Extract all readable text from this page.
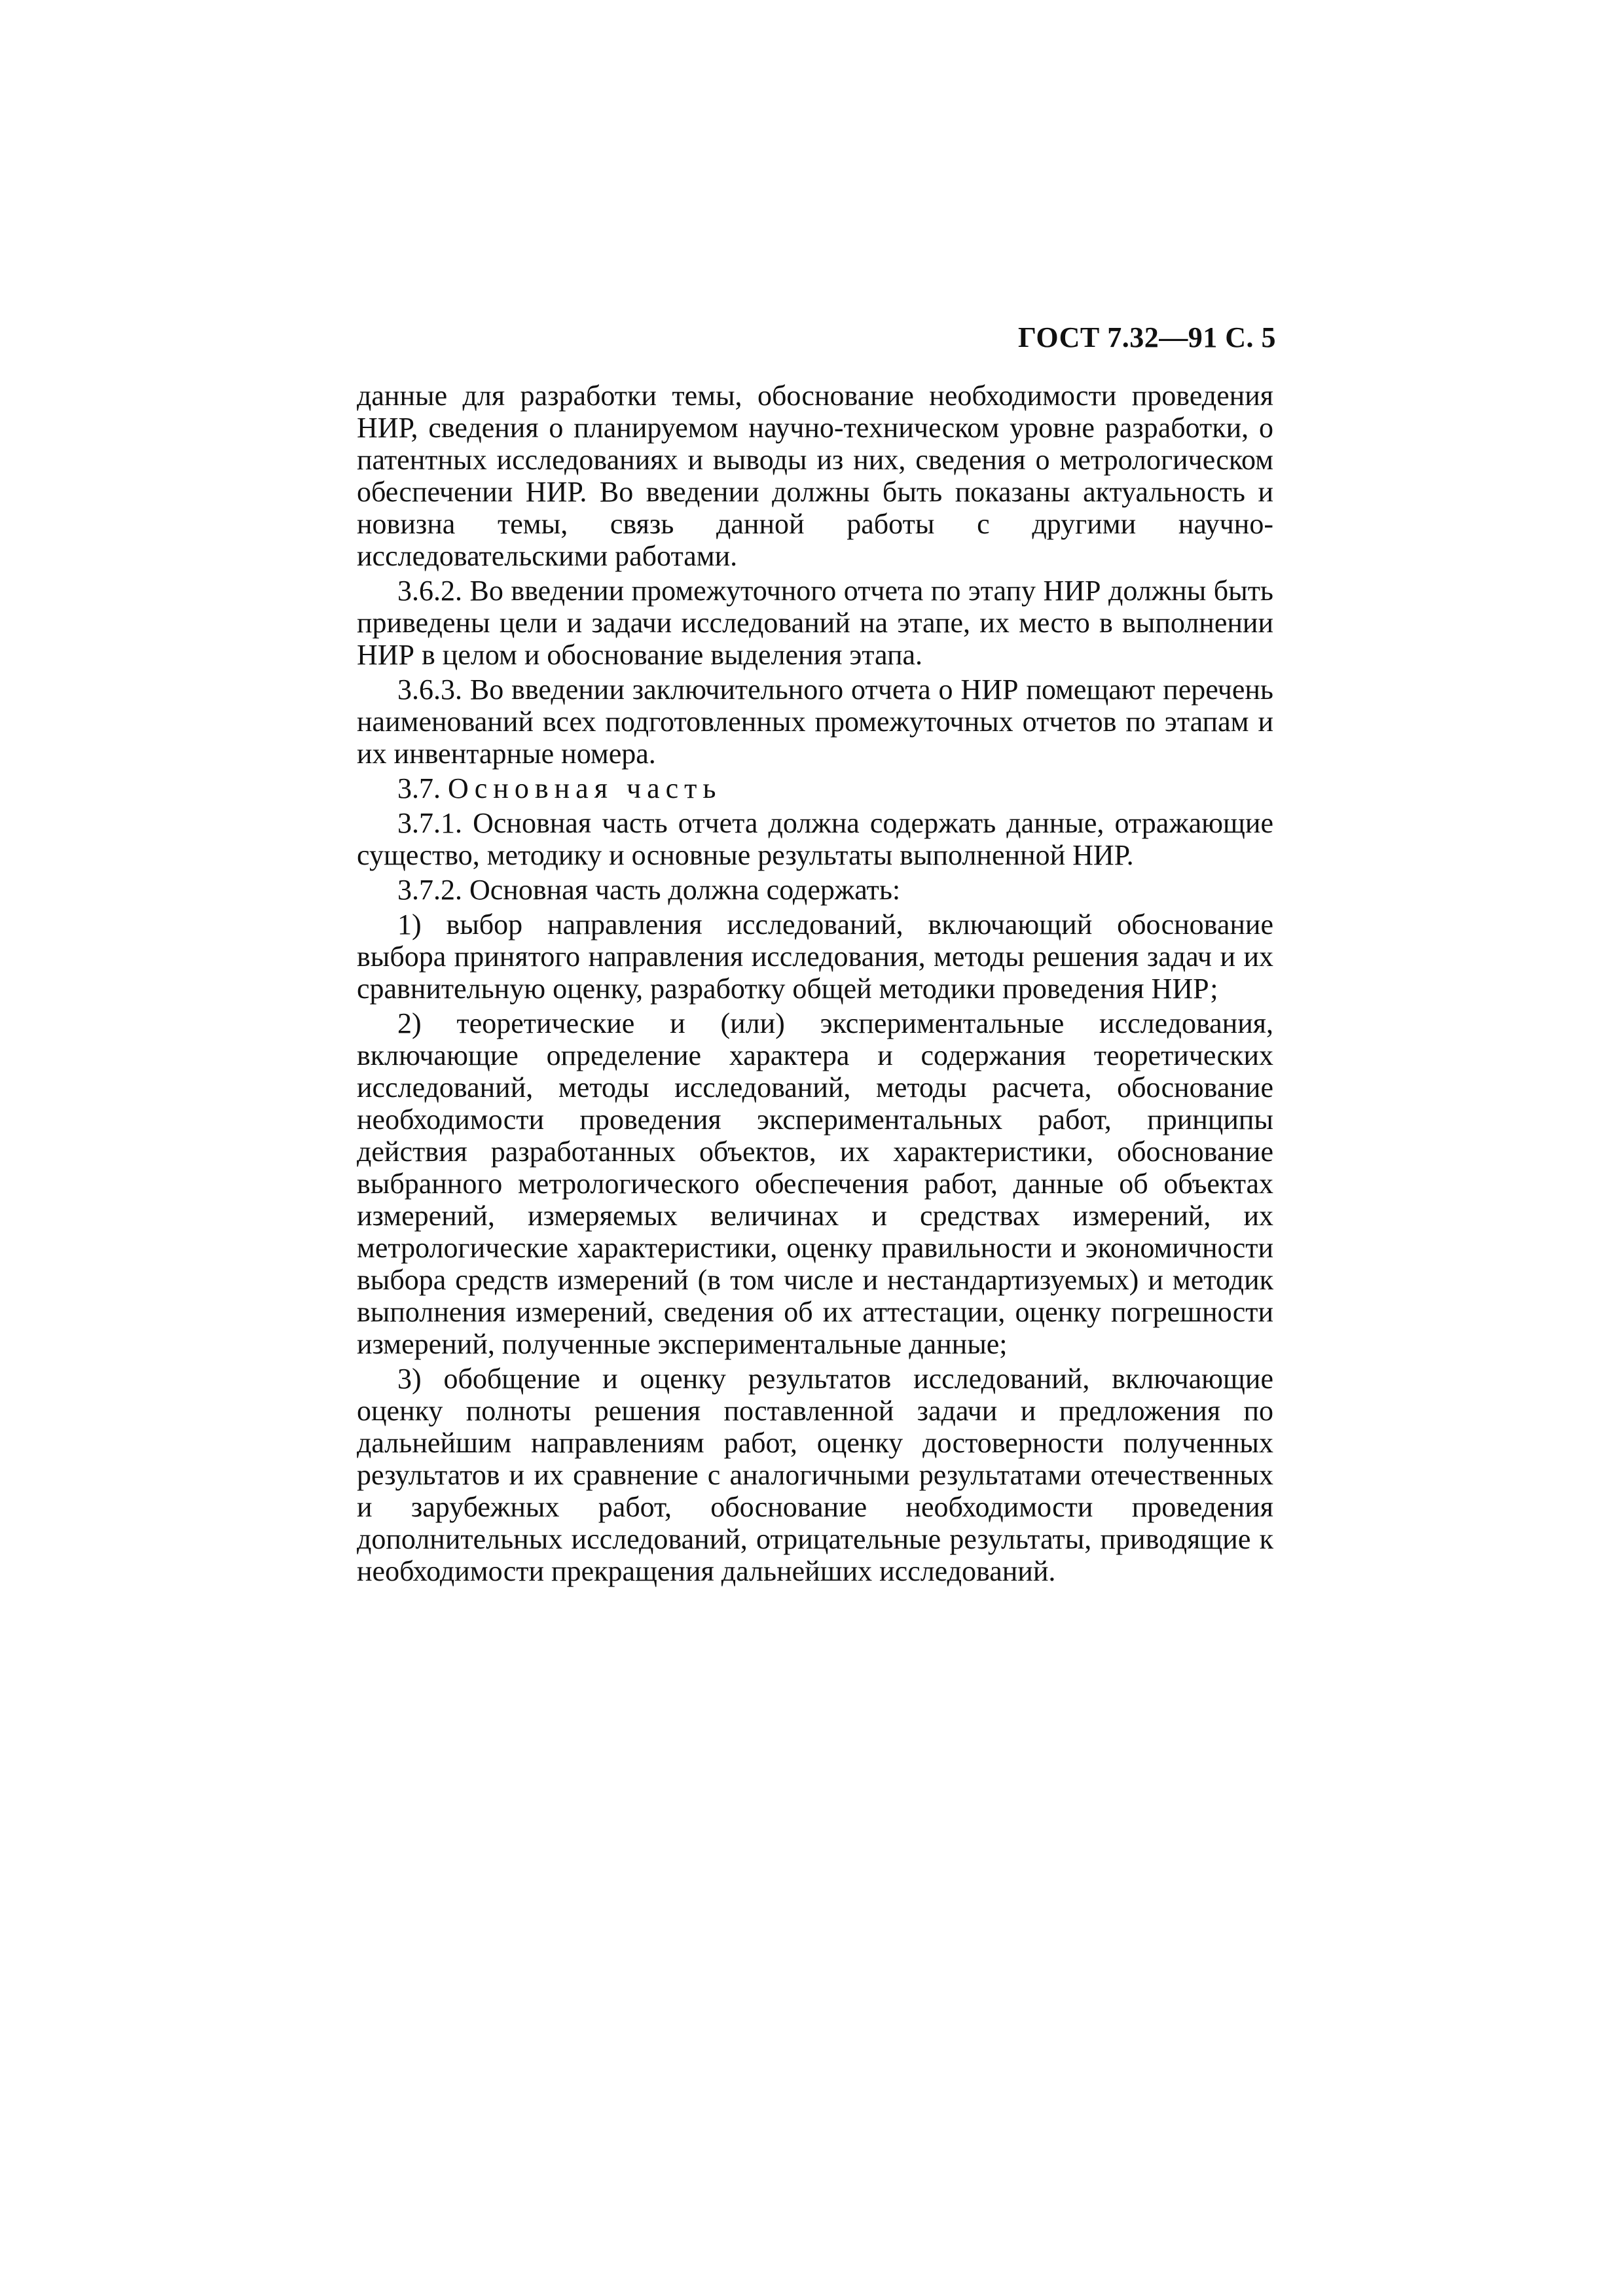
ГОСТ 7.32—91 С. 5

данные для разработки темы, обоснование необходимости проведения НИР, сведения о планируемом научно-техническом уровне разработки, о патентных исследованиях и выводы из них, сведения о метрологическом обеспечении НИР. Во введении должны быть показаны актуальность и новизна темы, связь данной работы с другими научно-исследовательскими работами.

3.6.2. Во введении промежуточного отчета по этапу НИР должны быть приведены цели и задачи исследований на этапе, их место в выполнении НИР в целом и обоснование выделения этапа.

3.6.3. Во введении заключительного отчета о НИР помещают перечень наименований всех подготовленных промежуточных отчетов по этапам и их инвентарные номера.

3.7. Основная часть

3.7.1. Основная часть отчета должна содержать данные, отражающие существо, методику и основные результаты выполненной НИР.

3.7.2. Основная часть должна содержать:

1) выбор направления исследований, включающий обоснование выбора принятого направления исследования, методы решения задач и их сравнительную оценку, разработку общей методики проведения НИР;

2) теоретические и (или) экспериментальные исследования, включающие определение характера и содержания теоретических исследований, методы исследований, методы расчета, обоснование необходимости проведения экспериментальных работ, принципы действия разработанных объектов, их характеристики, обоснование выбранного метрологического обеспечения работ, данные об объектах измерений, измеряемых величинах и средствах измерений, их метрологические характеристики, оценку правильности и экономичности выбора средств измерений (в том числе и нестандартизуемых) и методик выполнения измерений, сведения об их аттестации, оценку погрешности измерений, полученные экспериментальные данные;

3) обобщение и оценку результатов исследований, включающие оценку полноты решения поставленной задачи и предложения по дальнейшим направлениям работ, оценку достоверности полученных результатов и их сравнение с аналогичными результатами отечественных и зарубежных работ, обоснование необходимости проведения дополнительных исследований, отрицательные результаты, приводящие к необходимости прекращения дальнейших исследований.
